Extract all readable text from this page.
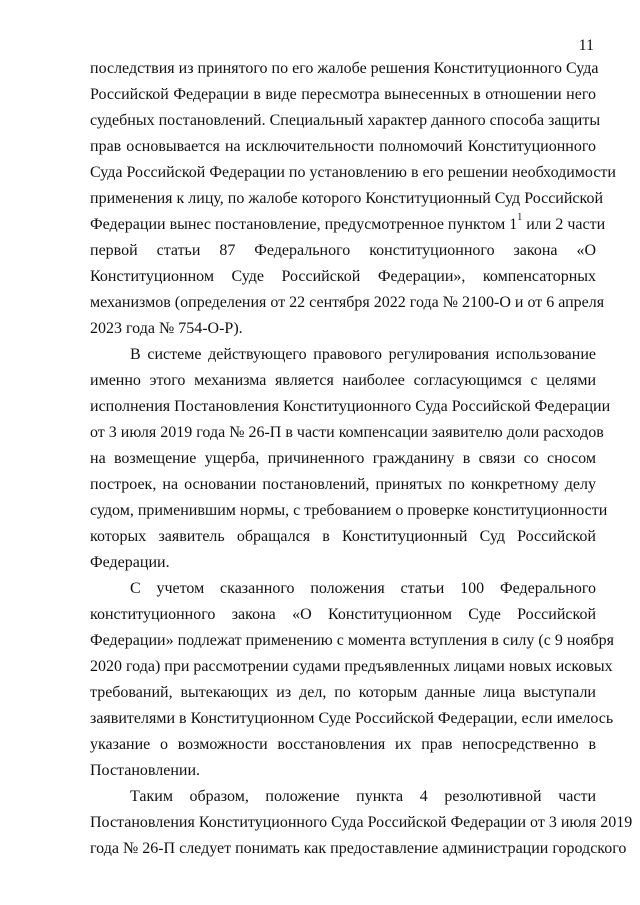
11
последствия из принятого по его жалобе решения Конституционного Суда
Российской Федерации в виде пересмотра вынесенных в отношении него
судебных постановлений. Специальный характер данного способа защиты
прав основывается на исключительности полномочий Конституционного
Суда Российской Федерации по установлению в его решении необходимости
применения к лицу, по жалобе которого Конституционный Суд Российской
Федерации вынес постановление, предусмотренное пунктом 1$^1$ или 2 части
первой статьи 87 Федерального конституционного закона «О
Конституционном Суде Российской Федерации», компенсаторных
механизмов (определения от 22 сентября 2022 года № 2100-О и от 6 апреля
2023 года № 754-О-Р).
В системе действующего правового регулирования использование
именно этого механизма является наиболее согласующимся с целями
исполнения Постановления Конституционного Суда Российской Федерации
от 3 июля 2019 года № 26-П в части компенсации заявителю доли расходов
на возмещение ущерба, причиненного гражданину в связи со сносом
построек, на основании постановлений, принятых по конкретному делу
судом, применившим нормы, с требованием о проверке конституционности
которых заявитель обращался в Конституционный Суд Российской
Федерации.
С учетом сказанного положения статьи 100 Федерального
конституционного закона «О Конституционном Суде Российской
Федерации» подлежат применению с момента вступления в силу (с 9 ноября
2020 года) при рассмотрении судами предъявленных лицами новых исковых
требований, вытекающих из дел, по которым данные лица выступали
заявителями в Конституционном Суде Российской Федерации, если имелось
указание о возможности восстановления их прав непосредственно в
Постановлении.
Таким образом, положение пункта 4 резолютивной части
Постановления Конституционного Суда Российской Федерации от 3 июля 2019
года № 26-П следует понимать как предоставление администрации городского
